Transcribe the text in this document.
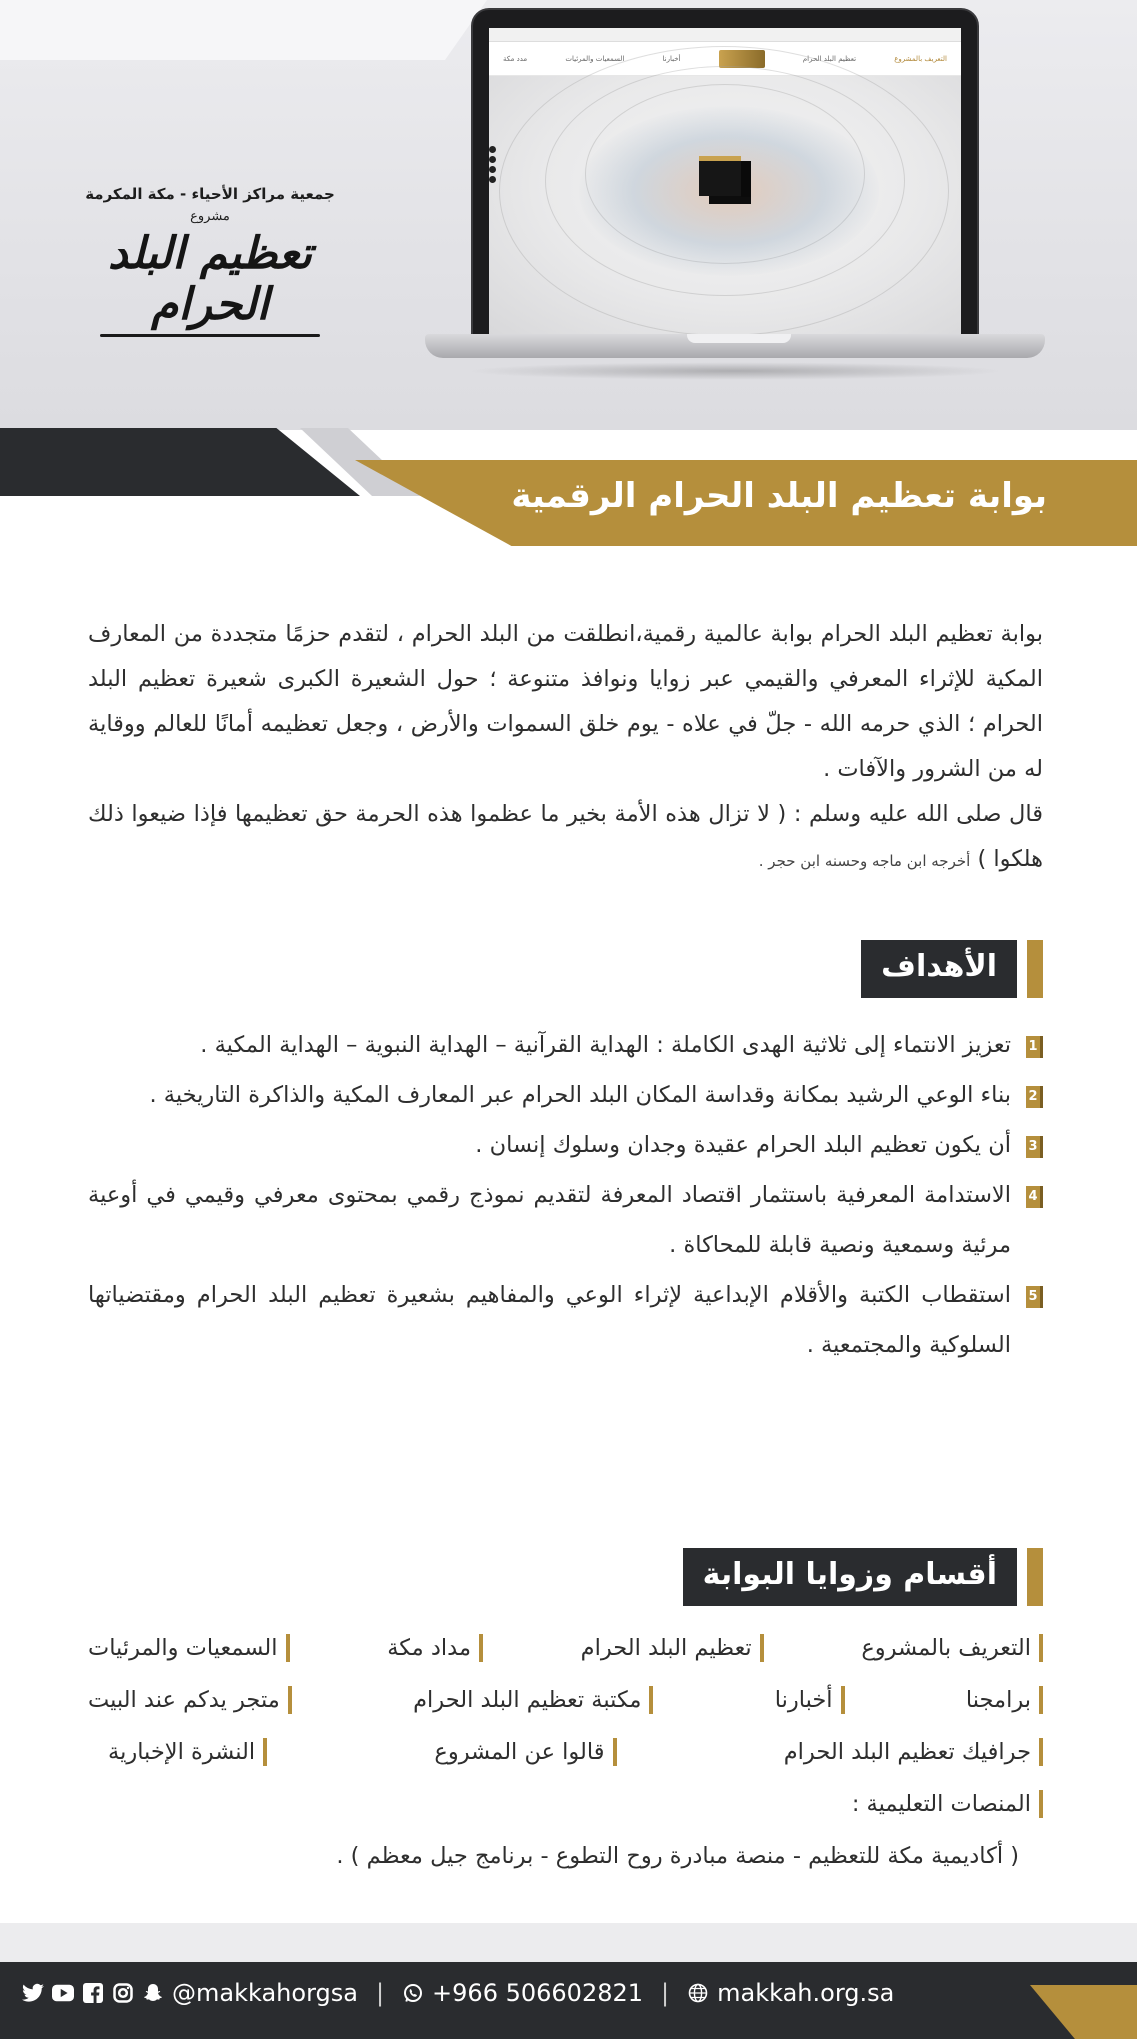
جمعية مراكز الأحياء - مكة المكرمة
مشروع
تعظيم البلد الحرام
التعريف بالمشروع
تعظيم البلد الحرام
أخبارنا
السمعيات والمرئيات
مدد مكة
بوابة تعظيم البلد الحرام الرقمية

بوابة تعظيم البلد الحرام بوابة عالمية رقمية،انطلقت من البلد الحرام ، لتقدم حزمًا متجددة من المعارف المكية للإثراء المعرفي والقيمي عبر زوايا ونوافذ متنوعة ؛ حول الشعيرة الكبرى شعيرة تعظيم البلد الحرام ؛ الذي حرمه الله - جلّ في علاه - يوم خلق السموات والأرض ، وجعل تعظيمه أمانًا للعالم ووقاية له من الشرور والآفات .

قال صلى الله عليه وسلم : ( لا تزال هذه الأمة بخير ما عظموا هذه الحرمة حق تعظيمها فإذا ضيعوا ذلك هلكوا ) أخرجه ابن ماجه وحسنه ابن حجر .

الأهداف
1
تعزيز الانتماء إلى ثلاثية الهدى الكاملة : الهداية القرآنية – الهداية النبوية – الهداية المكية .
2
بناء الوعي الرشيد بمكانة وقداسة المكان البلد الحرام عبر المعارف المكية والذاكرة التاريخية .
3
أن يكون تعظيم البلد الحرام عقيدة وجدان وسلوك إنسان .
4
الاستدامة المعرفية باستثمار اقتصاد المعرفة لتقديم نموذج رقمي بمحتوى معرفي وقيمي في أوعية مرئية وسمعية ونصية قابلة للمحاكاة .
5
استقطاب الكتبة والأقلام الإبداعية لإثراء الوعي والمفاهيم بشعيرة تعظيم البلد الحرام ومقتضياتها السلوكية والمجتمعية .
أقسام وزوايا البوابة
التعريف بالمشروع
تعظيم البلد الحرام
مداد مكة
السمعيات والمرئيات
برامجنا
أخبارنا
مكتبة تعظيم البلد الحرام
متجر يدكم عند البيت
جرافيك تعظيم البلد الحرام
قالوا عن المشروع
النشرة الإخبارية
المنصات التعليمية :
( أكاديمية مكة للتعظيم - منصة مبادرة روح التطوع - برنامج جيل معظم ) .
@makkahorgsa | +966 506602821 | makkah.org.sa
